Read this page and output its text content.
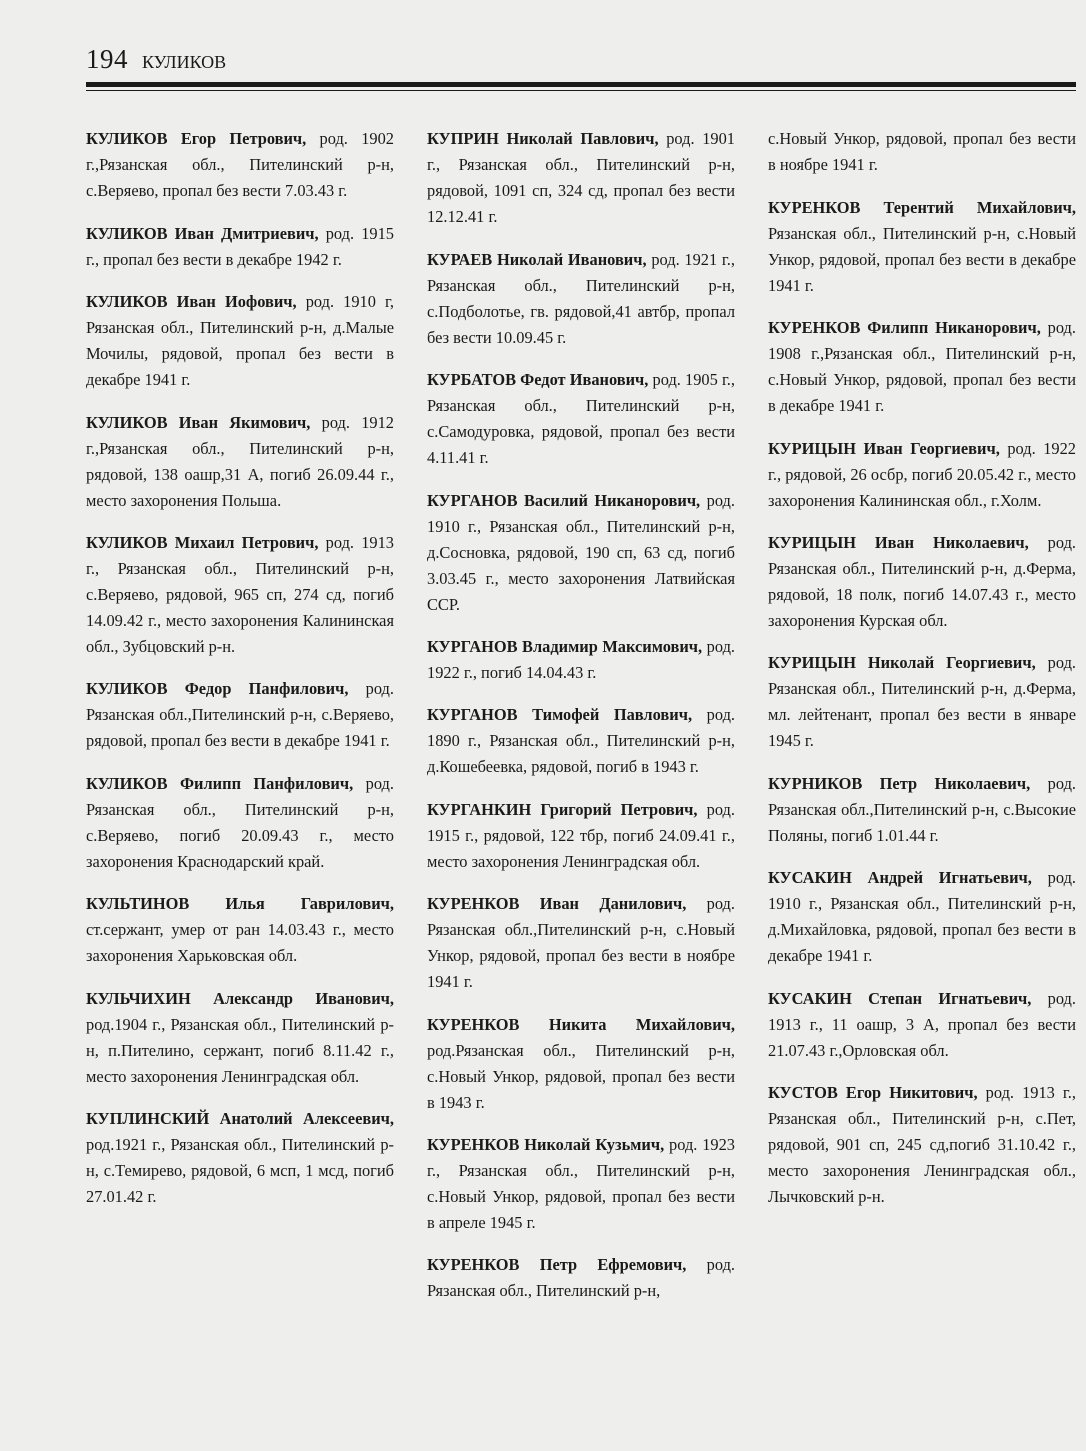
194 КУЛИКОВ

КУЛИКОВ Егор Петрович, род. 1902 г.,Рязанская обл., Пителинский р-н, с.Веряево, пропал без вести 7.03.43 г.

КУЛИКОВ Иван Дмитриевич, род. 1915 г., пропал без вести в декабре 1942 г.

КУЛИКОВ Иван Иофович, род. 1910 г, Рязанская обл., Пителинский р-н, д.Малые Мочилы, рядовой, пропал без вести в декабре 1941 г.

КУЛИКОВ Иван Якимович, род. 1912 г.,Рязанская обл., Пителинский р-н, рядовой, 138 оашр,31 А, погиб 26.09.44 г., место захоронения Польша.

КУЛИКОВ Михаил Петрович, род. 1913 г., Рязанская обл., Пителинский р-н, с.Веряево, рядовой, 965 сп, 274 сд, погиб 14.09.42 г., место захоронения Калининская обл., Зубцовский р-н.

КУЛИКОВ Федор Панфилович, род. Рязанская обл.,Пителинский р-н, с.Веряево, рядовой, пропал без вести в декабре 1941 г.

КУЛИКОВ Филипп Панфилович, род. Рязанская обл., Пителинский р-н, с.Веряево, погиб 20.09.43 г., место захоронения Краснодарский край.

КУЛЬТИНОВ Илья Гаврилович, ст.сержант, умер от ран 14.03.43 г., место захоронения Харьковская обл.

КУЛЬЧИХИН Александр Иванович, род.1904 г., Рязанская обл., Пителинский р-н, п.Пителино, сержант, погиб 8.11.42 г., место захоронения Ленинградская обл.

КУПЛИНСКИЙ Анатолий Алексеевич, род.1921 г., Рязанская обл., Пителинский р-н, с.Темирево, рядовой, 6 мсп, 1 мсд, погиб 27.01.42 г.

КУПРИН Николай Павлович, род. 1901 г., Рязанская обл., Пителинский р-н, рядовой, 1091 сп, 324 сд, пропал без вести 12.12.41 г.

КУРАЕВ Николай Иванович, род. 1921 г., Рязанская обл., Пителинский р-н, с.Подболотье, гв. рядовой,41 автбр, пропал без вести 10.09.45 г.

КУРБАТОВ Федот Иванович, род. 1905 г., Рязанская обл., Пителинский р-н, с.Самодуровка, рядовой, пропал без вести 4.11.41 г.

КУРГАНОВ Василий Никанорович, род. 1910 г., Рязанская обл., Пителинский р-н, д.Сосновка, рядовой, 190 сп, 63 сд, погиб 3.03.45 г., место захоронения Латвийская ССР.

КУРГАНОВ Владимир Максимович, род. 1922 г., погиб 14.04.43 г.

КУРГАНОВ Тимофей Павлович, род. 1890 г., Рязанская обл., Пителинский р-н, д.Кошебеевка, рядовой, погиб в 1943 г.

КУРГАНКИН Григорий Петрович, род. 1915 г., рядовой, 122 тбр, погиб 24.09.41 г., место захоронения Ленинградская обл.

КУРЕНКОВ Иван Данилович, род. Рязанская обл.,Пителинский р-н, с.Новый Ункор, рядовой, пропал без вести в ноябре 1941 г.

КУРЕНКОВ Никита Михайлович, род.Рязанская обл., Пителинский р-н, с.Новый Ункор, рядовой, пропал без вести в 1943 г.

КУРЕНКОВ Николай Кузьмич, род. 1923 г., Рязанская обл., Пителинский р-н, с.Новый Ункор, рядовой, пропал без вести в апреле 1945 г.

КУРЕНКОВ Петр Ефремович, род. Рязанская обл., Пителинский р-н,

с.Новый Ункор, рядовой, пропал без вести в ноябре 1941 г.

КУРЕНКОВ Терентий Михайлович, Рязанская обл., Пителинский р-н, с.Новый Ункор, рядовой, пропал без вести в декабре 1941 г.

КУРЕНКОВ Филипп Никанорович, род. 1908 г.,Рязанская обл., Пителинский р-н, с.Новый Ункор, рядовой, пропал без вести в декабре 1941 г.

КУРИЦЫН Иван Георгиевич, род. 1922 г., рядовой, 26 осбр, погиб 20.05.42 г., место захоронения Калининская обл., г.Холм.

КУРИЦЫН Иван Николаевич, род. Рязанская обл., Пителинский р-н, д.Ферма, рядовой, 18 полк, погиб 14.07.43 г., место захоронения Курская обл.

КУРИЦЫН Николай Георгиевич, род. Рязанская обл., Пителинский р-н, д.Ферма, мл. лейтенант, пропал без вести в январе 1945 г.

КУРНИКОВ Петр Николаевич, род. Рязанская обл.,Пителинский р-н, с.Высокие Поляны, погиб 1.01.44 г.

КУСАКИН Андрей Игнатьевич, род. 1910 г., Рязанская обл., Пителинский р-н, д.Михайловка, рядовой, пропал без вести в декабре 1941 г.

КУСАКИН Степан Игнатьевич, род. 1913 г., 11 оашр, 3 А, пропал без вести 21.07.43 г.,Орловская обл.

КУСТОВ Егор Никитович, род. 1913 г., Рязанская обл., Пителинский р-н, с.Пет, рядовой, 901 сп, 245 сд,погиб 31.10.42 г., место захоронения Ленинградская обл., Лычковский р-н.
